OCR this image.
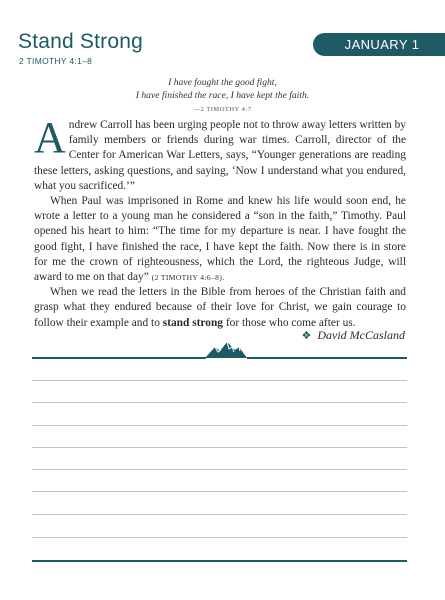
Stand Strong
2 TIMOTHY 4:1–8
JANUARY 1
I have fought the good fight,
I have finished the race, I have kept the faith.
—2 TIMOTHY 4:7

Andrew Carroll has been urging people not to throw away letters written by family members or friends during war times. Carroll, director of the Center for American War Letters, says, “Younger generations are reading these letters, asking questions, and saying, ‘Now I understand what you endured, what you sacrificed.’”

When Paul was imprisoned in Rome and knew his life would soon end, he wrote a letter to a young man he considered a “son in the faith,” Timothy. Paul opened his heart to him: “The time for my departure is near. I have fought the good fight, I have finished the race, I have kept the faith. Now there is in store for me the crown of righteousness, which the Lord, the righteous Judge, will award to me on that day” (2 TIMOTHY 4:6–8).

When we read the letters in the Bible from heroes of the Christian faith and grasp what they endured because of their love for Christ, we gain courage to follow their example and to stand strong for those who come after us.

❖ David McCasland
